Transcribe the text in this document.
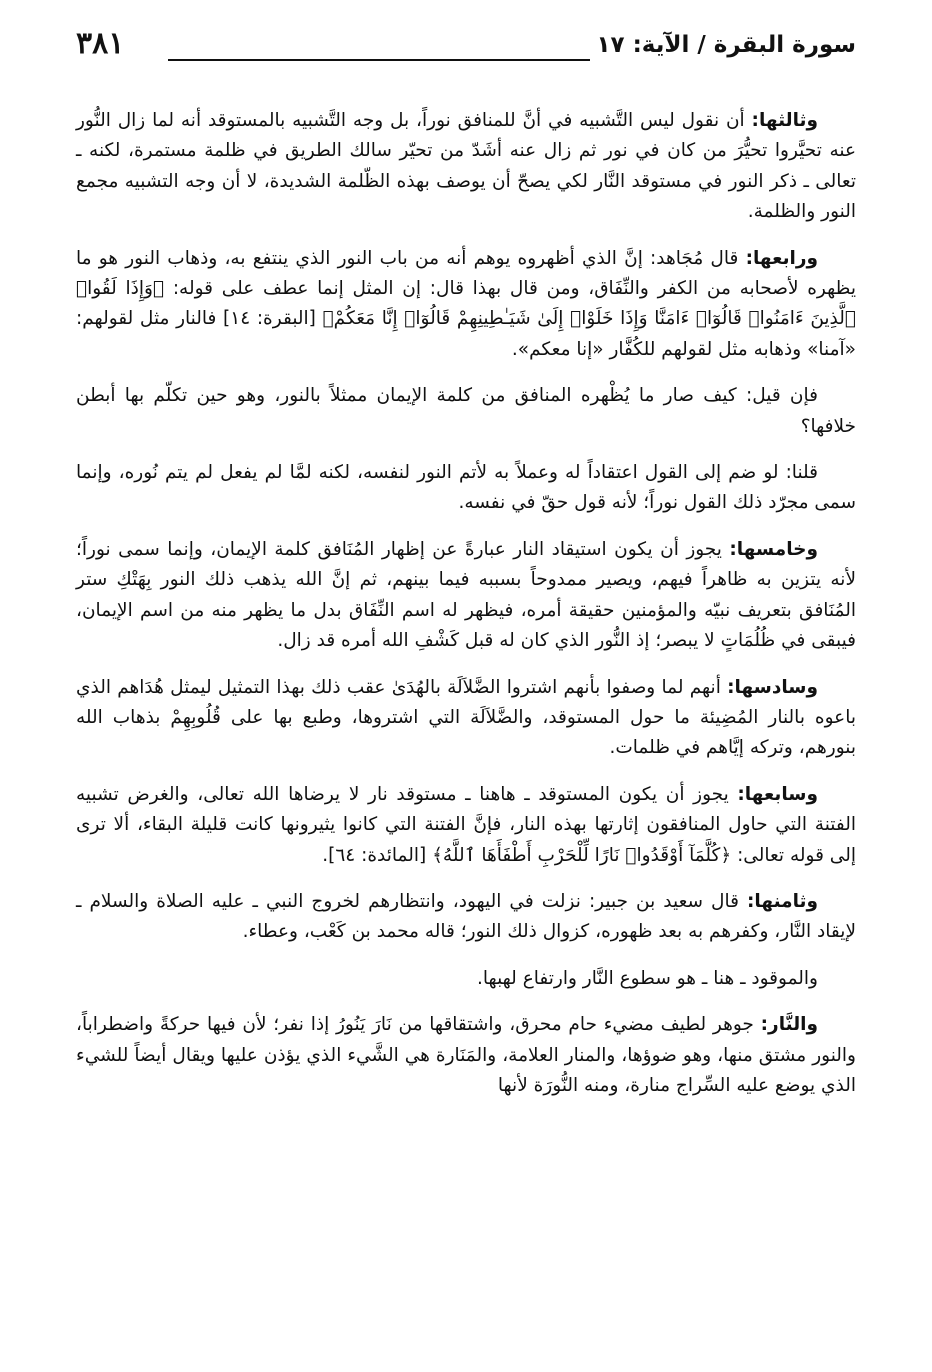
سورة البقرة / الآية: ١٧
٣٨١

وثالثها: أن نقول ليس التَّشبيه في أنَّ للمنافق نوراً، بل وجه التَّشبيه بالمستوقد أنه لما زال النُّور عنه تحيَّروا تحيُّرَ من كان في نور ثم زال عنه أشَدّ من تحيّر سالك الطريق في ظلمة مستمرة، لكنه ـ تعالى ـ ذكر النور في مستوقد النَّار لكي يصحّ أن يوصف بهذه الظّلمة الشديدة، لا أن وجه التشبيه مجمع النور والظلمة.

ورابعها: قال مُجَاهد: إنَّ الذي أظهروه يوهم أنه من باب النور الذي ينتفع به، وذهاب النور هو ما يظهره لأصحابه من الكفر والنِّفَاق، ومن قال بهذا قال: إن المثل إنما عطف على قوله: ﴿وَإِذَا لَقُوا۟ ٱلَّذِينَ ءَامَنُوا۟ قَالُوٓا۟ ءَامَنَّا وَإِذَا خَلَوْا۟ إِلَىٰ شَيَـٰطِينِهِمْ قَالُوٓا۟ إِنَّا مَعَكُمْ﴾ [البقرة: ١٤] فالنار مثل لقولهم: «آمنا» وذهابه مثل لقولهم للكُفَّار «إنا معكم».

فإن قيل: كيف صار ما يُظْهره المنافق من كلمة الإيمان ممثلاً بالنور، وهو حين تكلّم بها أبطن خلافها؟

قلنا: لو ضم إلى القول اعتقاداً له وعملاً به لأتم النور لنفسه، لكنه لمَّا لم يفعل لم يتم نُوره، وإنما سمى مجرّد ذلك القول نوراً؛ لأنه قول حقّ في نفسه.

وخامسها: يجوز أن يكون استيقاد النار عبارةً عن إظهار المُنَافق كلمة الإيمان، وإنما سمى نوراً؛ لأنه يتزين به ظاهراً فيهم، ويصير ممدوحاً بسببه فيما بينهم، ثم إنَّ الله يذهب ذلك النور بِهَتْكِ ستر المُنَافق بتعريف نبيّه والمؤمنين حقيقة أمره، فيظهر له اسم النِّفَاق بدل ما يظهر منه من اسم الإيمان، فيبقى في ظُلُمَاتٍ لا يبصر؛ إذ النُّور الذي كان له قبل كَشْفِ الله أمره قد زال.

وسادسها: أنهم لما وصفوا بأنهم اشتروا الضَّلاَلَة بالهُدَىٰ عقب ذلك بهذا التمثيل ليمثل هُدَاهم الذي باعوه بالنار المُضِيئة ما حول المستوقد، والضَّلاَلَة التي اشتروها، وطبع بها على قُلُوبِهِمْ بذهاب الله بنورهم، وتركه إيَّاهم في ظلمات.

وسابعها: يجوز أن يكون المستوقد ـ هاهنا ـ مستوقد نار لا يرضاها الله تعالى، والغرض تشبيه الفتنة التي حاول المنافقون إثارتها بهذه النار، فإنَّ الفتنة التي كانوا يثيرونها كانت قليلة البقاء، ألا ترى إلى قوله تعالى: ﴿كُلَّمَآ أَوْقَدُوا۟ نَارًا لِّلْحَرْبِ أَطْفَأَهَا ٱللَّهُ﴾ [المائدة: ٦٤].

وثامنها: قال سعيد بن جبير: نزلت في اليهود، وانتظارهم لخروج النبي ـ عليه الصلاة والسلام ـ لإيقاد النَّار، وكفرهم به بعد ظهوره، كزوال ذلك النور؛ قاله محمد بن كَعْب، وعطاء.

والموقود ـ هنا ـ هو سطوع النَّار وارتفاع لهبها.

والنَّار: جوهر لطيف مضيء حام محرق، واشتقاقها من نَارَ يَنُورُ إذا نفر؛ لأن فيها حركةً واضطراباً، والنور مشتق منها، وهو ضوؤها، والمنار العلامة، والمَنَارة هي الشَّيء الذي يؤذن عليها ويقال أيضاً للشيء الذي يوضع عليه السِّراج منارة، ومنه النُّورَة لأنها
